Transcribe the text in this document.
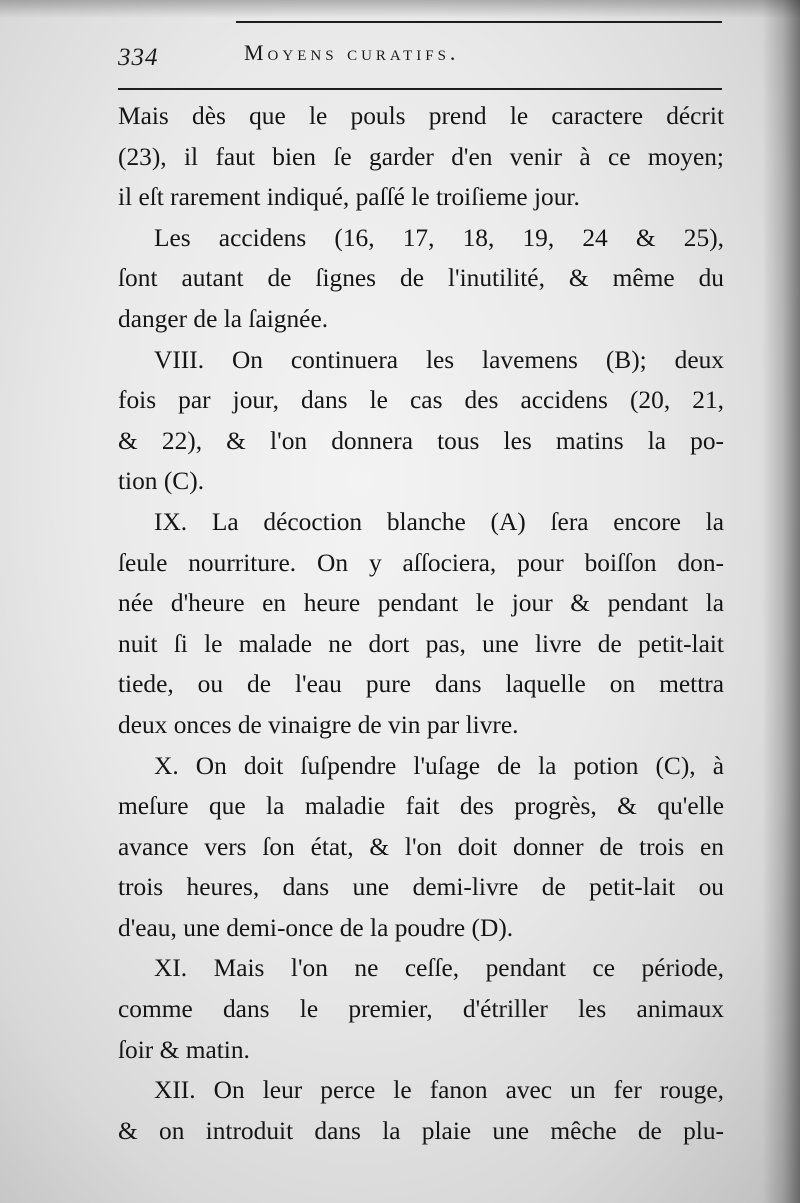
334	Moyens curatifs.
Mais dès que le pouls prend le caractere décrit
(23), il faut bien ſe garder d'en venir à ce moyen;
il eſt rarement indiqué, paſſé le troiſieme jour.
Les accidens (16, 17, 18, 19, 24 & 25),
ſont autant de ſignes de l'inutilité, & même du
danger de la ſaignée.
VIII. On continuera les lavemens (B); deux
fois par jour, dans le cas des accidens (20, 21,
& 22), & l'on donnera tous les matins la po-
tion (C).
IX. La décoction blanche (A) ſera encore la
ſeule nourriture. On y aſſociera, pour boiſſon don-
née d'heure en heure pendant le jour & pendant la
nuit ſi le malade ne dort pas, une livre de petit-lait
tiede, ou de l'eau pure dans laquelle on mettra
deux onces de vinaigre de vin par livre.
X. On doit ſuſpendre l'uſage de la potion (C), à
meſure que la maladie fait des progrès, & qu'elle
avance vers ſon état, & l'on doit donner de trois en
trois heures, dans une demi-livre de petit-lait ou
d'eau, une demi-once de la poudre (D).
XI. Mais l'on ne ceſſe, pendant ce période,
comme dans le premier, d'étriller les animaux
ſoir & matin.
XII. On leur perce le fanon avec un fer rouge,
& on introduit dans la plaie une mêche de plu-
